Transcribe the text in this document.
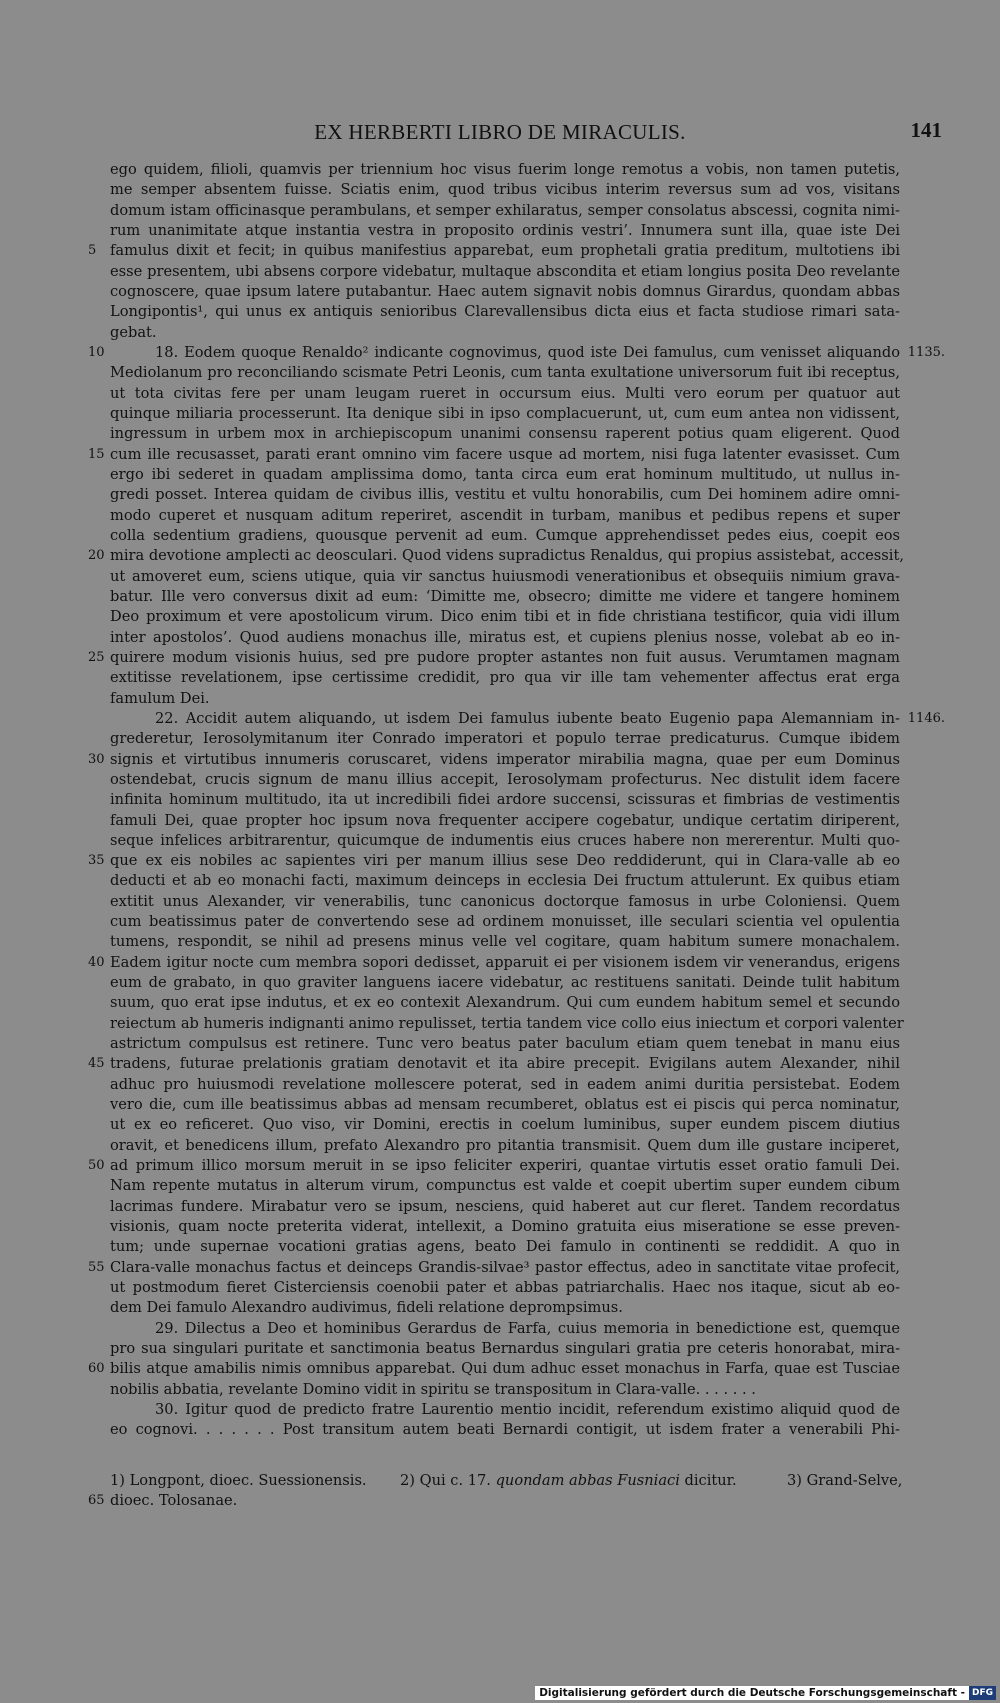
EX HERBERTI LIBRO DE MIRACULIS.	141
ego quidem, filioli, quamvis per triennium hoc visus fuerim longe remotus a vobis, non tamen putetis,
me semper absentem fuisse. Sciatis enim, quod tribus vicibus interim reversus sum ad vos, visitans
domum istam officinasque perambulans, et semper exhilaratus, semper consolatus abscessi, cognita nimi-
rum unanimitate atque instantia vestra in proposito ordinis vestri’. Innumera sunt illa, quae iste Dei
5 famulus dixit et fecit; in quibus manifestius apparebat, eum prophetali gratia preditum, multotiens ibi
esse presentem, ubi absens corpore videbatur, multaque abscondita et etiam longius posita Deo revelante
cognoscere, quae ipsum latere putabantur. Haec autem signavit nobis domnus Girardus, quondam abbas
Longipontis¹, qui unus ex antiquis senioribus Clarevallensibus dicta eius et facta studiose rimari sata-
gebat.
10	18. Eodem quoque Renaldo² indicante cognovimus, quod iste Dei famulus, cum venisset aliquando 1135.
Mediolanum pro reconciliando scismate Petri Leonis, cum tanta exultatione universorum fuit ibi receptus,
ut tota civitas fere per unam leugam rueret in occursum eius. Multi vero eorum per quatuor aut
quinque miliaria processerunt. Ita denique sibi in ipso complacuerunt, ut, cum eum antea non vidissent,
ingressum in urbem mox in archiepiscopum unanimi consensu raperent potius quam eligerent. Quod
15 cum ille recusasset, parati erant omnino vim facere usque ad mortem, nisi fuga latenter evasisset. Cum
ergo ibi sederet in quadam amplissima domo, tanta circa eum erat hominum multitudo, ut nullus in-
gredi posset. Interea quidam de civibus illis, vestitu et vultu honorabilis, cum Dei hominem adire omni-
modo cuperet et nusquam aditum reperiret, ascendit in turbam, manibus et pedibus repens et super
colla sedentium gradiens, quousque pervenit ad eum. Cumque apprehendisset pedes eius, coepit eos
20 mira devotione amplecti ac deosculari. Quod videns supradictus Renaldus, qui propius assistebat, accessit,
ut amoveret eum, sciens utique, quia vir sanctus huiusmodi venerationibus et obsequiis nimium grava-
batur. Ille vero conversus dixit ad eum: ‘Dimitte me, obsecro; dimitte me videre et tangere hominem
Deo proximum et vere apostolicum virum. Dico enim tibi et in fide christiana testificor, quia vidi illum
inter apostolos’. Quod audiens monachus ille, miratus est, et cupiens plenius nosse, volebat ab eo in-
25 quirere modum visionis huius, sed pre pudore propter astantes non fuit ausus. Verumtamen magnam
extitisse revelationem, ipse certissime credidit, pro qua vir ille tam vehementer affectus erat erga
famulum Dei.
22. Accidit autem aliquando, ut isdem Dei famulus iubente beato Eugenio papa Alemanniam in- 1146.
grederetur, Ierosolymitanum iter Conrado imperatori et populo terrae predicaturus. Cumque ibidem
30 signis et virtutibus innumeris coruscaret, videns imperator mirabilia magna, quae per eum Dominus
ostendebat, crucis signum de manu illius accepit, Ierosolymam profecturus. Nec distulit idem facere
infinita hominum multitudo, ita ut incredibili fidei ardore succensi, scissuras et fimbrias de vestimentis
famuli Dei, quae propter hoc ipsum nova frequenter accipere cogebatur, undique certatim diriperent,
seque infelices arbitrarentur, quicumque de indumentis eius cruces habere non mererentur. Multi quo-
35 que ex eis nobiles ac sapientes viri per manum illius sese Deo reddiderunt, qui in Clara-valle ab eo
deducti et ab eo monachi facti, maximum deinceps in ecclesia Dei fructum attulerunt. Ex quibus etiam
extitit unus Alexander, vir venerabilis, tunc canonicus doctorque famosus in urbe Coloniensi. Quem
cum beatissimus pater de convertendo sese ad ordinem monuisset, ille seculari scientia vel opulentia
tumens, respondit, se nihil ad presens minus velle vel cogitare, quam habitum sumere monachalem.
40 Eadem igitur nocte cum membra sopori dedisset, apparuit ei per visionem isdem vir venerandus, erigens
eum de grabato, in quo graviter languens iacere videbatur, ac restituens sanitati. Deinde tulit habitum
suum, quo erat ipse indutus, et ex eo contexit Alexandrum. Qui cum eundem habitum semel et secundo
reiectum ab humeris indignanti animo repulisset, tertia tandem vice collo eius iniectum et corpori valenter
astrictum compulsus est retinere. Tunc vero beatus pater baculum etiam quem tenebat in manu eius
45 tradens, futurae prelationis gratiam denotavit et ita abire precepit. Evigilans autem Alexander, nihil
adhuc pro huiusmodi revelatione mollescere poterat, sed in eadem animi duritia persistebat. Eodem
vero die, cum ille beatissimus abbas ad mensam recumberet, oblatus est ei piscis qui perca nominatur,
ut ex eo reficeret. Quo viso, vir Domini, erectis in coelum luminibus, super eundem piscem diutius
oravit, et benedicens illum, prefato Alexandro pro pitantia transmisit. Quem dum ille gustare inciperet,
50 ad primum illico morsum meruit in se ipso feliciter experiri, quantae virtutis esset oratio famuli Dei.
Nam repente mutatus in alterum virum, compunctus est valde et coepit ubertim super eundem cibum
lacrimas fundere. Mirabatur vero se ipsum, nesciens, quid haberet aut cur fleret. Tandem recordatus
visionis, quam nocte preterita viderat, intellexit, a Domino gratuita eius miseratione se esse preven-
tum; unde supernae vocationi gratias agens, beato Dei famulo in continenti se reddidit. A quo in
55 Clara-valle monachus factus et deinceps Grandis-silvae³ pastor effectus, adeo in sanctitate vitae profecit,
ut postmodum fieret Cisterciensis coenobii pater et abbas patriarchalis. Haec nos itaque, sicut ab eo-
dem Dei famulo Alexandro audivimus, fideli relatione deprompsimus.
29. Dilectus a Deo et hominibus Gerardus de Farfa, cuius memoria in benedictione est, quemque
pro sua singulari puritate et sanctimonia beatus Bernardus singulari gratia pre ceteris honorabat, mira-
60 bilis atque amabilis nimis omnibus apparebat. Qui dum adhuc esset monachus in Farfa, quae est Tusciae
nobilis abbatia, revelante Domino vidit in spiritu se transpositum in Clara-valle. . . . . . .
30. Igitur quod de predicto fratre Laurentio mentio incidit, referendum existimo aliquid quod de
eo cognovi. . . . . . . Post transitum autem beati Bernardi contigit, ut isdem frater a venerabili Phi-
1) Longpont, dioec. Suessionensis. 2) Qui c. 17. quondam abbas Fusniaci dicitur.	3) Grand-Selve,
65 dioec. Tolosanae.
Digitalisierung gefördert durch die Deutsche Forschungsgemeinschaft - DFG
